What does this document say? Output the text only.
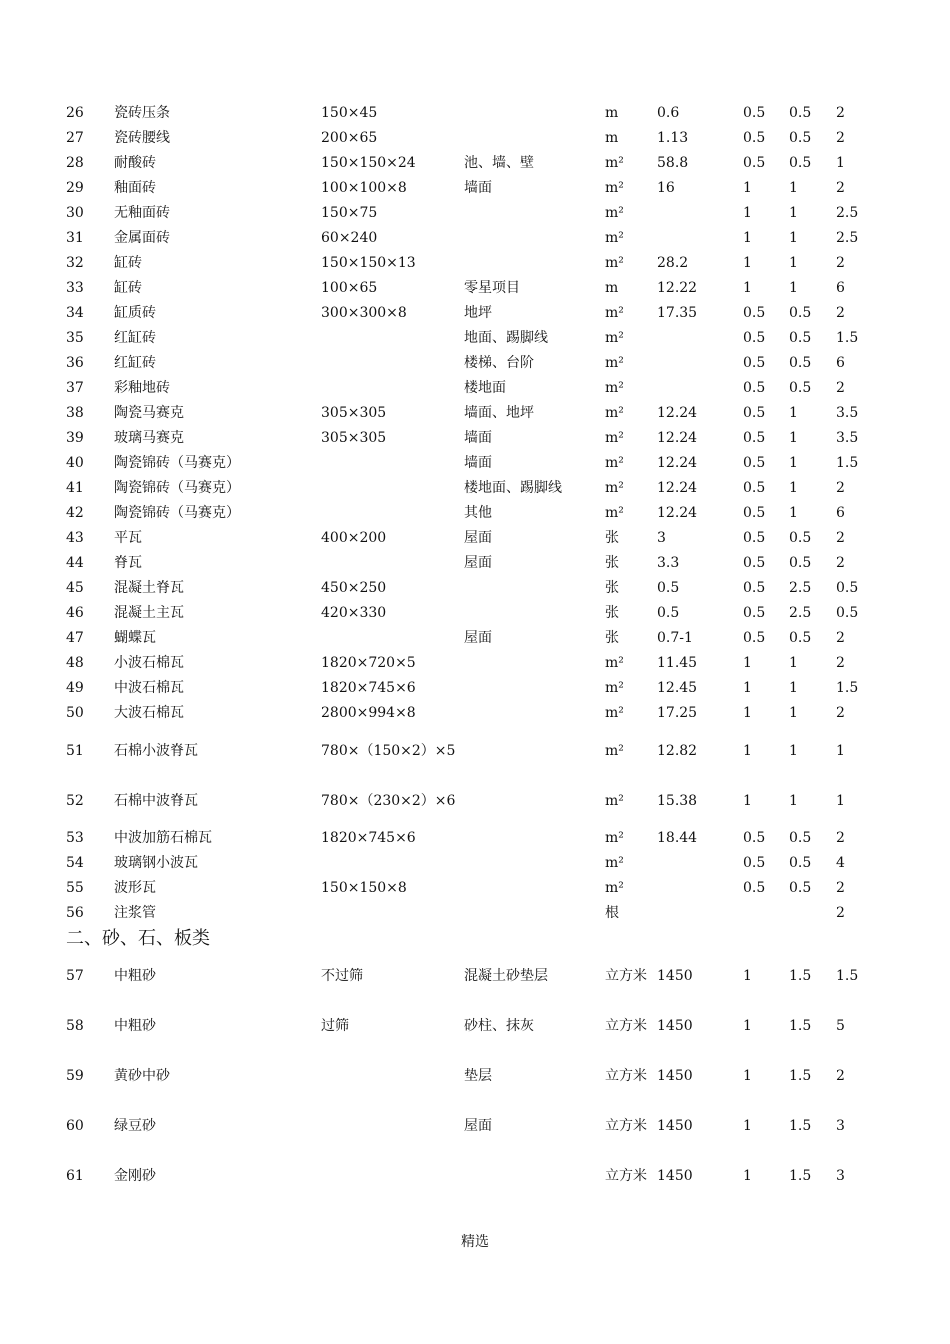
26	瓷砖压条	150×45		m	0.6	0.5	0.5	2
27	瓷砖腰线	200×65		m	1.13	0.5	0.5	2
28	耐酸砖	150×150×24	池、墙、壁	m²	58.8	0.5	0.5	1
29	釉面砖	100×100×8	墙面	m²	16	1	1	2
30	无釉面砖	150×75		m²		1	1	2.5
31	金属面砖	60×240		m²		1	1	2.5
32	缸砖	150×150×13		m²	28.2	1	1	2
33	缸砖	100×65	零星项目	m	12.22	1	1	6
34	缸质砖	300×300×8	地坪	m²	17.35	0.5	0.5	2
35	红缸砖		地面、踢脚线	m²		0.5	0.5	1.5
36	红缸砖		楼梯、台阶	m²		0.5	0.5	6
37	彩釉地砖		楼地面	m²		0.5	0.5	2
38	陶瓷马赛克	305×305	墙面、地坪	m²	12.24	0.5	1	3.5
39	玻璃马赛克	305×305	墙面	m²	12.24	0.5	1	3.5
40	陶瓷锦砖（马赛克）		墙面	m²	12.24	0.5	1	1.5
41	陶瓷锦砖（马赛克）		楼地面、踢脚线	m²	12.24	0.5	1	2
42	陶瓷锦砖（马赛克）		其他	m²	12.24	0.5	1	6
43	平瓦	400×200	屋面	张	3	0.5	0.5	2
44	脊瓦		屋面	张	3.3	0.5	0.5	2
45	混凝土脊瓦	450×250		张	0.5	0.5	2.5	0.5
46	混凝土主瓦	420×330		张	0.5	0.5	2.5	0.5
47	蝴蝶瓦		屋面	张	0.7-1	0.5	0.5	2
48	小波石棉瓦	1820×720×5		m²	11.45	1	1	2
49	中波石棉瓦	1820×745×6		m²	12.45	1	1	1.5
50	大波石棉瓦	2800×994×8		m²	17.25	1	1	2
51	石棉小波脊瓦	780×（150×2）×5		m²	12.82	1	1	1
52	石棉中波脊瓦	780×（230×2）×6		m²	15.38	1	1	1
53	中波加筋石棉瓦	1820×745×6		m²	18.44	0.5	0.5	2
54	玻璃钢小波瓦			m²		0.5	0.5	4
55	波形瓦	150×150×8		m²		0.5	0.5	2
56	注浆管			根				2
二、砂、石、板类
57	中粗砂	不过筛	混凝土砂垫层	立方米	1450	1	1.5	1.5
58	中粗砂	过筛	砂柱、抹灰	立方米	1450	1	1.5	5
59	黄砂中砂		垫层	立方米	1450	1	1.5	2
60	绿豆砂		屋面	立方米	1450	1	1.5	3
61	金刚砂			立方米	1450	1	1.5	3
精选
